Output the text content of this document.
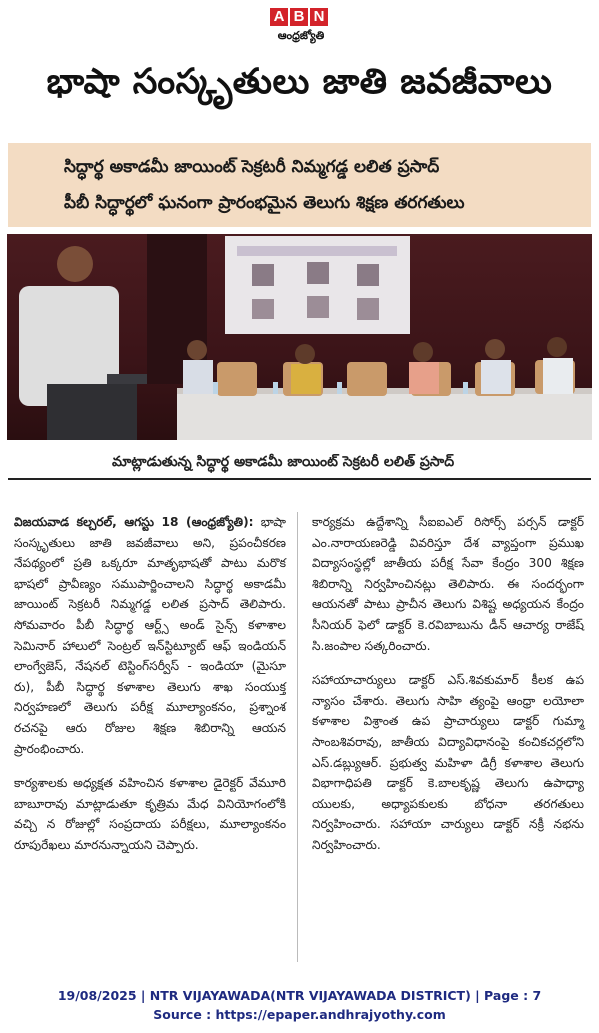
A B N
ఆంధ్రజ్యోతి
భాషా సంస్కృతులు జాతి జవజీవాలు
సిద్ధార్థ అకాడమీ జాయింట్ సెక్రటరీ నిమ్మగడ్డ లలిత ప్రసాద్
పీబీ సిద్ధార్థలో ఘనంగా ప్రారంభమైన తెలుగు శిక్షణ తరగతులు
మాట్లాడుతున్న సిద్ధార్థ అకాడమీ జాయింట్ సెక్రటరీ లలిత్ ప్రసాద్

విజయవాడ కల్చరల్, ఆగస్టు 18 (ఆంధ్రజ్యోతి): భాషా సంస్కృతులు జాతి జవజీవాలు అని, ప్రపంచీకరణ నేపథ్యంలో ప్రతి ఒక్కరూ మాతృభాషతో పాటు మరొక భాషలో ప్రావీణ్యం సముపార్జించాలని సిద్ధార్థ అకాడమీ జాయింట్ సెక్రటరీ నిమ్మగడ్డ లలిత ప్రసాద్ తెలిపారు. సోమవారం పీబీ సిద్ధార్థ ఆర్ట్స్ అండ్ సైన్స్ కళాశాల సెమినార్ హాలులో సెంట్రల్ ఇన్‌స్టిట్యూట్ ఆఫ్ ఇండియన్ లాంగ్వేజెస్, నేషనల్ టెస్టింగ్‌సర్వీస్ - ఇండియా (మైసూ రు), పీబీ సిద్ధార్థ కళాశాల తెలుగు శాఖ సంయుక్త నిర్వహణలో తెలుగు పరీక్ష మూల్యాంకనం, ప్రశ్నాంశ రచనపై ఆరు రోజుల శిక్షణ శిబిరాన్ని ఆయన ప్రారంభించారు.

కార్యశాలకు అధ్యక్షత వహించిన కళాశాల డైరెక్టర్ వేమూరి బాబూరావు మాట్లాడుతూ కృత్రిమ మేధ వినియోగంలోకి వచ్చి న రోజుల్లో సంప్రదాయ పరీక్షలు, మూల్యాంకనం రూపురేఖలు మారనున్నాయని చెప్పారు.

కార్యక్రమ ఉద్దేశాన్ని సీఐఐఎల్ రిసోర్స్ పర్సన్ డాక్టర్ ఎం.నారాయణరెడ్డి వివరిస్తూ దేశ వ్యాప్తంగా ప్రముఖ విద్యాసంస్థల్లో జాతీయ పరీక్ష సేవా కేంద్రం 300 శిక్షణ శిబిరాన్ని నిర్వహించినట్లు తెలిపారు. ఈ సందర్భంగా ఆయనతో పాటు ప్రాచీన తెలుగు విశిష్ట అధ్యయన కేంద్రం సీనియర్ ఫెలో డాక్టర్ కె.రవిబాబును డీన్ ఆచార్య రాజేష్ సి.జంపాల సత్కరించారు.

సహాయాచార్యులు డాక్టర్ ఎస్.శివకుమార్ కీలక ఉప న్యాసం చేశారు. తెలుగు సాహి త్యంపై ఆంధ్రా లయోలా కళాశాల విశ్రాంత ఉప ప్రాచార్యులు డాక్టర్ గుమ్మా సాంబశివరావు, జాతీయ విద్యావిధానంపై కంచికచర్లలోని ఎస్.డబ్ల్యుఆర్. ప్రభుత్వ మహిళా డిగ్రీ కళాశాల తెలుగు విభాగాధిపతి డాక్టర్ కె.బాలకృష్ణ తెలుగు ఉపాధ్యా యులకు, అధ్యాపకులకు బోధనా తరగతులు నిర్వహించారు. సహాయా చార్యులు డాక్టర్ నక్రీ నభను నిర్వహించారు.

19/08/2025 | NTR VIJAYAWADA(NTR VIJAYAWADA DISTRICT) | Page : 7
Source : https://epaper.andhrajyothy.com
